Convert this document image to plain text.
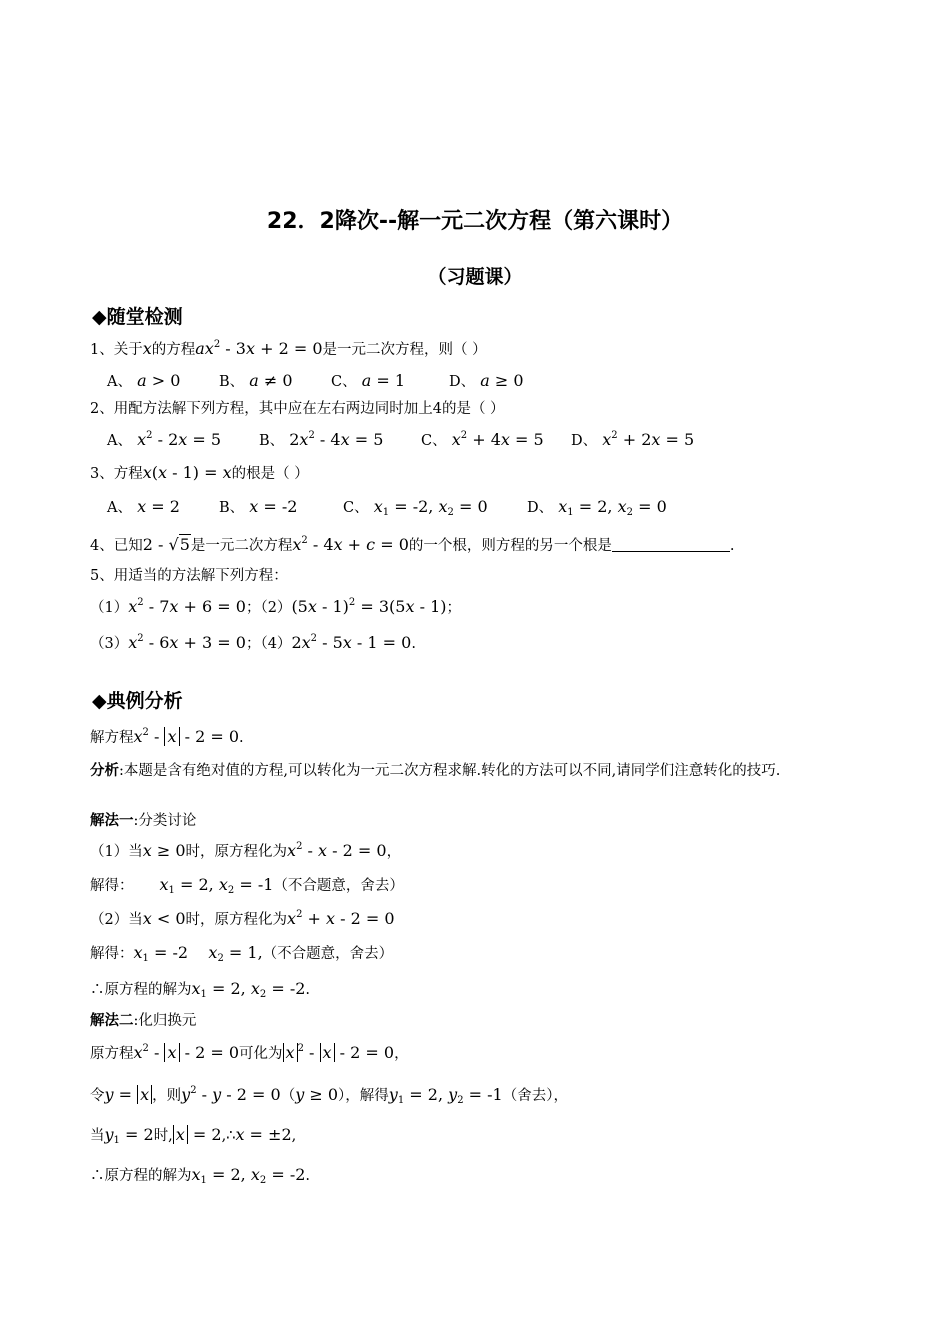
22．2降次--解一元二次方程（第六课时）
（习题课）
◆随堂检测
1、关于x的方程$ax^2 - 3x + 2 = 0$是一元二次方程，则（ ）
A、 a > 0	B、 a ≠ 0	C、 a = 1	D、 a ≥ 0
2、用配方法解下列方程，其中应在左右两边同时加上4的是（ ）
A、 $x^2 - 2x = 5$	B、 $2x^2 - 4x = 5$	C、 $x^2 + 4x = 5$ D、 $x^2 + 2x = 5$
3、方程x(x - 1) = x的根是（ ）
A、 x = 2	B、 x = -2	C、 $x_1 = -2$, $x_2 = 0$	D、 $x_1 = 2$, $x_2 = 0$
4、已知2 - √5是一元二次方程$x^2 - 4x + c = 0$的一个根，则方程的另一个根是	.
5、用适当的方法解下列方程：
$(1)x^2 - 7x + 6 = 0$；（2）(5x - 1)$^2$ = 3(5x - 1)；
$(3)x^2 - 6x + 3 = 0$；$(4)2x^2 - 5x - 1 = 0$.
◆典例分析
解方程$x^2 - x - 2 = 0$.
分析:本题是含有绝对值的方程,可以转化为一元二次方程求解.转化的方法可以不同,请同学们注意转化的技巧.
解法一:分类讨论
（1）当x ≥ 0时，原方程化为$x^2 - x - 2 = 0$，
解得： $x_1 = 2$, $x_2 = -1$（不合题意，舍去）
（2）当x < 0时，原方程化为$x^2 + x - 2 = 0$
解得：$x_1 = -2$    $x_2 = 1$,（不合题意，舍去）
∴原方程的解为$x_1 = 2$, $x_2 = -2$.
解法二:化归换元
原方程$x^2 - x - 2 = 0$可化为 x $^2$ - x - 2 = 0，
令y = x ，则$y^2 - y - 2 = 0(y \ge 0)$，解得$y_1 = 2$, $y_2 = -1$（舍去），
当$y_1 = 2$时, x = 2,∴x = ±2,
∴原方程的解为$x_1 = 2$, $x_2 = -2$.
